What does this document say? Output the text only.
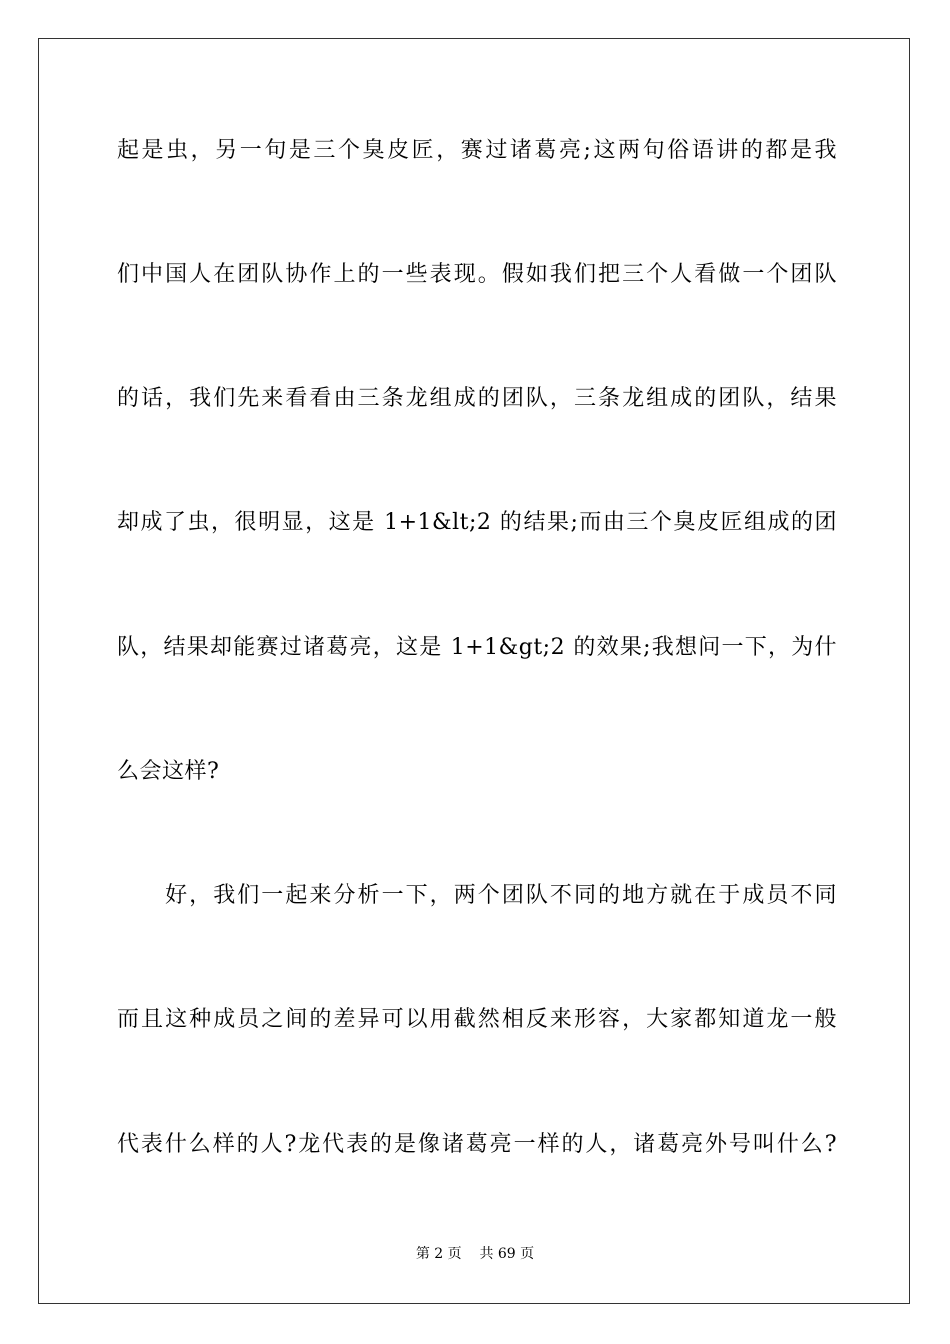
起是虫，另一句是三个臭皮匠，赛过诸葛亮;这两句俗语讲的都是我
们中国人在团队协作上的一些表现。假如我们把三个人看做一个团队
的话，我们先来看看由三条龙组成的团队，三条龙组成的团队，结果
却成了虫，很明显，这是 1+1&lt;2 的结果;而由三个臭皮匠组成的团
队，结果却能赛过诸葛亮，这是 1+1&gt;2 的效果;我想问一下，为什
么会这样?
　　好，我们一起来分析一下，两个团队不同的地方就在于成员不同
而且这种成员之间的差异可以用截然相反来形容，大家都知道龙一般
代表什么样的人?龙代表的是像诸葛亮一样的人，诸葛亮外号叫什么?
第 2 页 共 69 页
